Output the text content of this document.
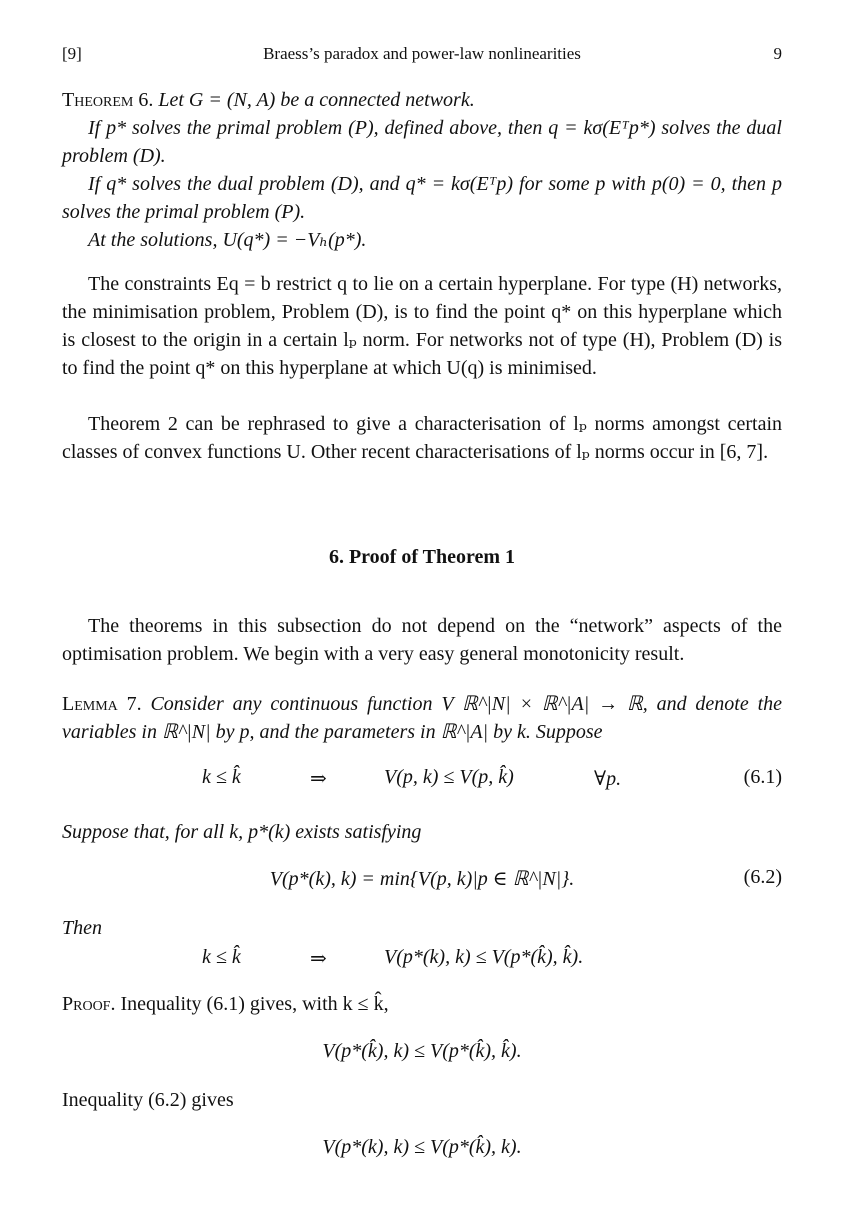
[9]	Braess’s paradox and power-law nonlinearities	9
Theorem 6. Let G = (N, A) be a connected network.
If p* solves the primal problem (P), defined above, then q = kσ(Eᵀp*) solves the dual problem (D).
If q* solves the dual problem (D), and q* = kσ(Eᵀp) for some p with p(0) = 0, then p solves the primal problem (P).
At the solutions, U(q*) = −Vₕ(p*).
The constraints Eq = b restrict q to lie on a certain hyperplane. For type (H) networks, the minimisation problem, Problem (D), is to find the point q* on this hyperplane which is closest to the origin in a certain lₚ norm. For networks not of type (H), Problem (D) is to find the point q* on this hyperplane at which U(q) is minimised.
Theorem 2 can be rephrased to give a characterisation of lₚ norms amongst certain classes of convex functions U. Other recent characterisations of lₚ norms occur in [6, 7].
6. Proof of Theorem 1
The theorems in this subsection do not depend on the “network” aspects of the optimisation problem. We begin with a very easy general monotonicity result.
Lemma 7. Consider any continuous function V ℝ^|N| × ℝ^|A| → ℝ, and denote the variables in ℝ^|N| by p, and the parameters in ℝ^|A| by k. Suppose
k ≤ k̂	⇒	V(p, k) ≤ V(p, k̂)	∀p.	(6.1)
Suppose that, for all k, p*(k) exists satisfying
V(p*(k), k) = min{V(p, k)|p ∈ ℝ^|N|}.	(6.2)
Then
k ≤ k̂	⇒	V(p*(k), k) ≤ V(p*(k̂), k̂).
Proof. Inequality (6.1) gives, with k ≤ k̂,
V(p*(k̂), k) ≤ V(p*(k̂), k̂).
Inequality (6.2) gives
V(p*(k), k) ≤ V(p*(k̂), k).
